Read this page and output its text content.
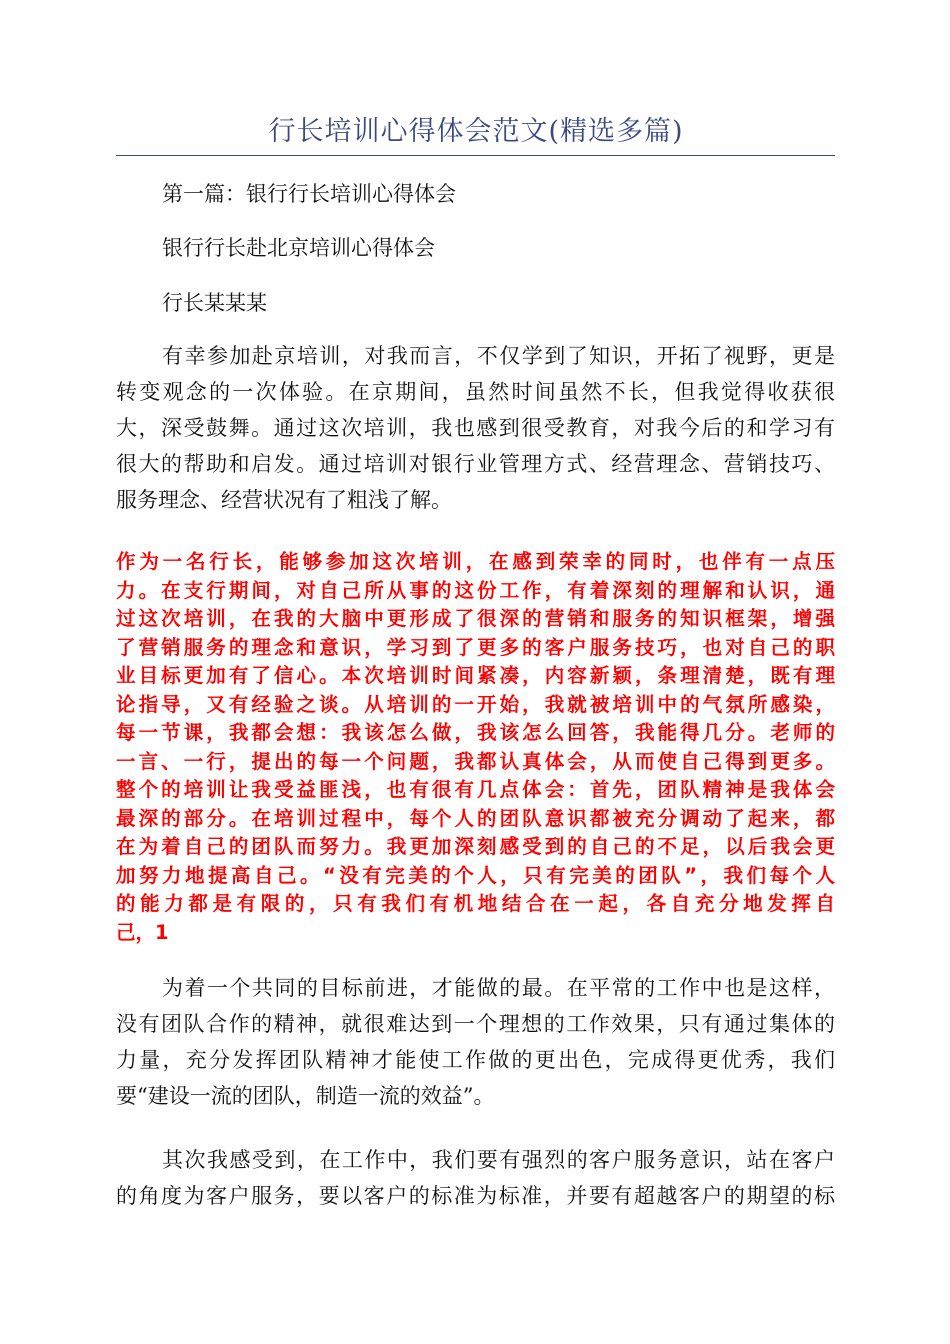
行长培训心得体会范文(精选多篇)
第一篇：银行行长培训心得体会
银行行长赴北京培训心得体会
行长某某某
有幸参加赴京培训，对我而言，不仅学到了知识，开拓了视野，更是
转变观念的一次体验。在京期间，虽然时间虽然不长，但我觉得收获很
大，深受鼓舞。通过这次培训，我也感到很受教育，对我今后的和学习有
很大的帮助和启发。通过培训对银行业管理方式、经营理念、营销技巧、
服务理念、经营状况有了粗浅了解。
作为一名行长，能够参加这次培训，在感到荣幸的同时，也伴有一点压
力。在支行期间，对自己所从事的这份工作，有着深刻的理解和认识，通
过这次培训，在我的大脑中更形成了很深的营销和服务的知识框架，增强
了营销服务的理念和意识，学习到了更多的客户服务技巧，也对自己的职
业目标更加有了信心。本次培训时间紧凑，内容新颖，条理清楚，既有理
论指导，又有经验之谈。从培训的一开始，我就被培训中的气氛所感染，
每一节课，我都会想：我该怎么做，我该怎么回答，我能得几分。老师的
一言、一行，提出的每一个问题，我都认真体会，从而使自己得到更多。
整个的培训让我受益匪浅，也有很有几点体会：首先，团队精神是我体会
最深的部分。在培训过程中，每个人的团队意识都被充分调动了起来，都
在为着自己的团队而努力。我更加深刻感受到的自己的不足，以后我会更
加努力地提高自己。“没有完美的个人，只有完美的团队”，我们每个人
的能力都是有限的，只有我们有机地结合在一起，各自充分地发挥自
己，1
为着一个共同的目标前进，才能做的最。在平常的工作中也是这样，
没有团队合作的精神，就很难达到一个理想的工作效果，只有通过集体的
力量，充分发挥团队精神才能使工作做的更出色，完成得更优秀，我们
要“建设一流的团队，制造一流的效益”。
其次我感受到，在工作中，我们要有强烈的客户服务意识，站在客户
的角度为客户服务，要以客户的标准为标准，并要有超越客户的期望的标
